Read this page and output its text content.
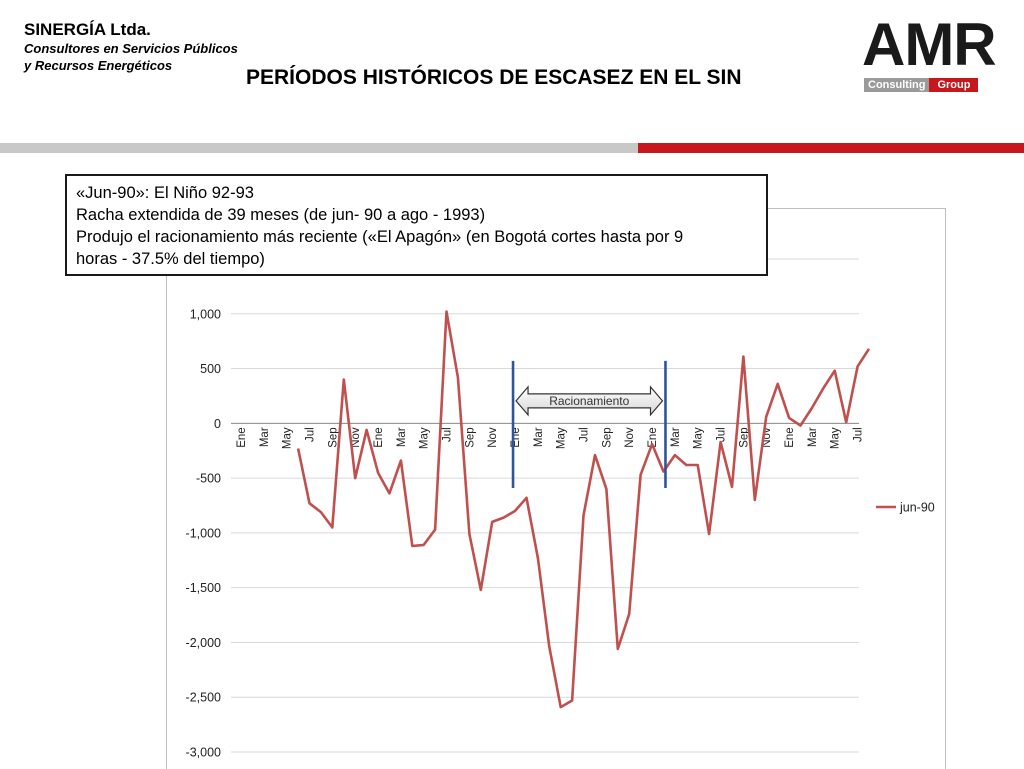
SINERGÍA Ltda.
Consultores en Servicios Públicos
y Recursos Energéticos
PERÍODOS HISTÓRICOS DE ESCASEZ EN EL SIN AMR
Consulting	Group
1,000
500
0
-500
-1,000
-1,500
-2,000
-2,500
-3,000
Ene Mar May Jul Sep Nov Ene Mar May Jul Sep Nov Ene Mar May Jul Sep Nov Ene Mar May Jul Sep Nov Ene Mar May Jul
Racionamiento
jun-90
«Jun-90»: El Niño 92-93
Racha extendida de 39 meses (de jun- 90 a ago - 1993)
Produjo el racionamiento más reciente («El Apagón» (en Bogotá cortes hasta por 9
horas - 37.5% del tiempo)
